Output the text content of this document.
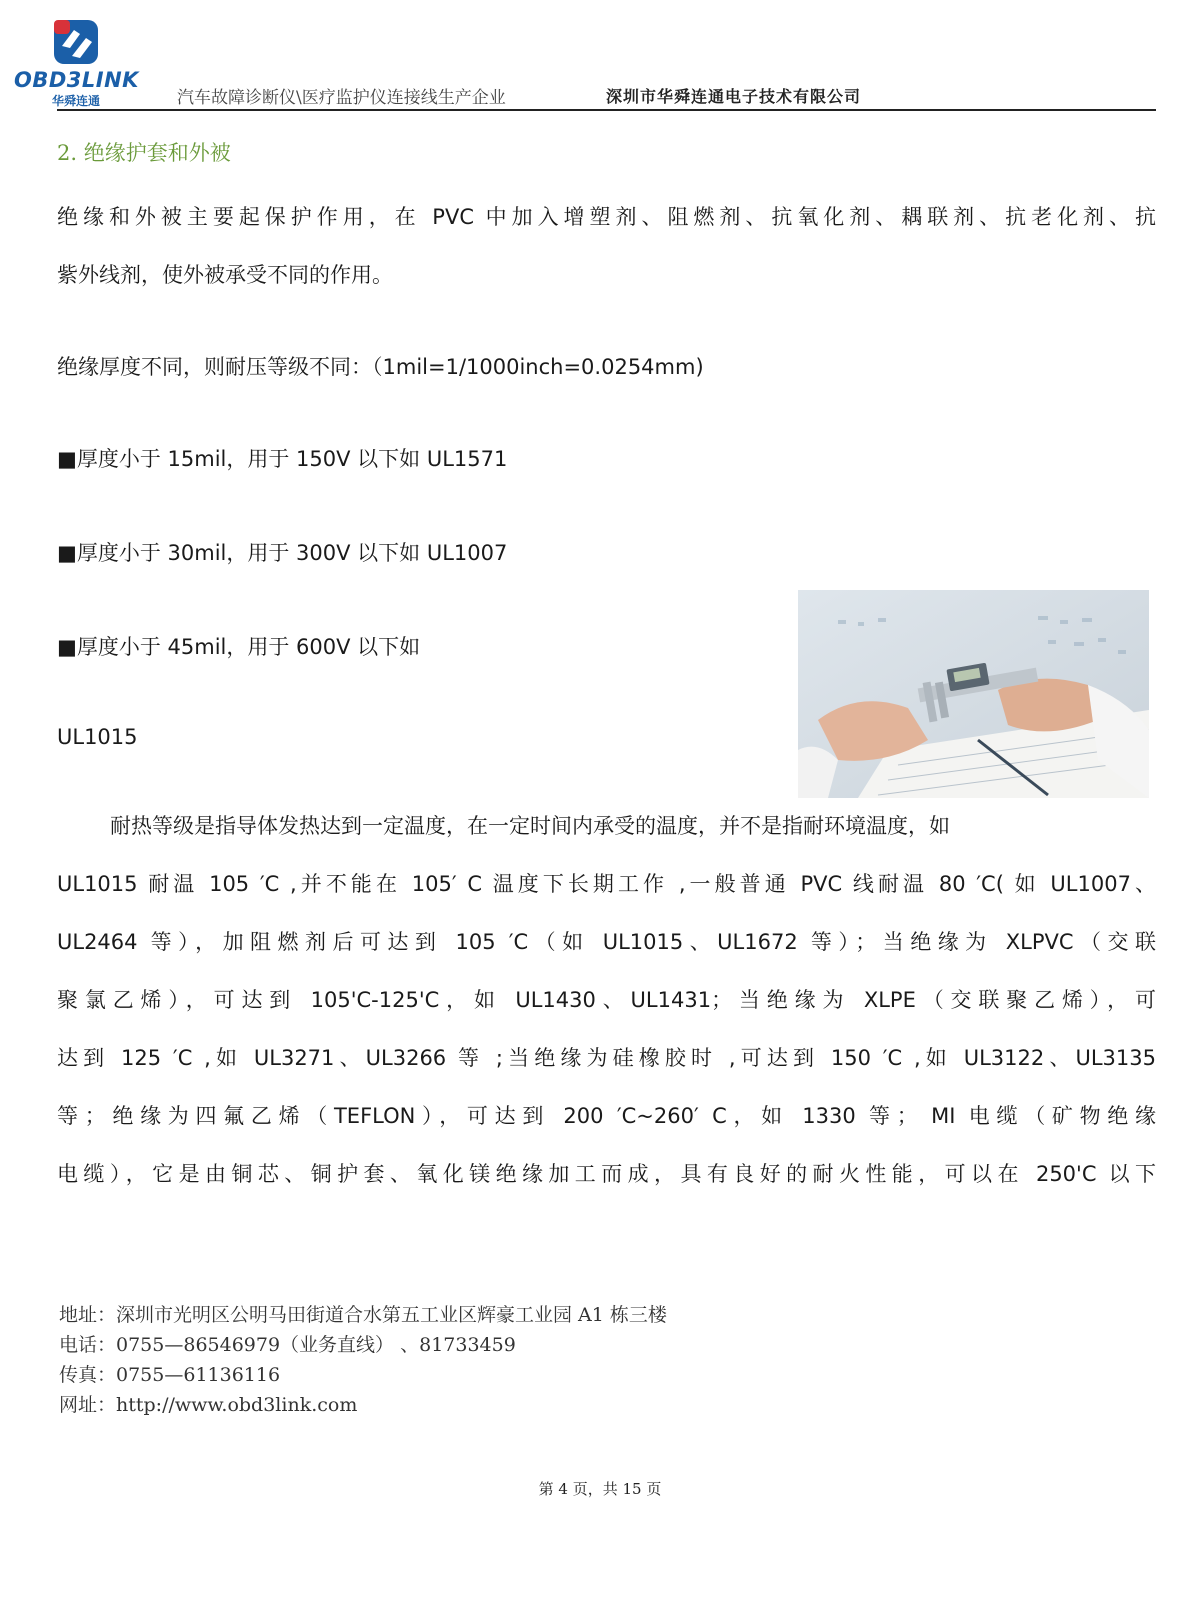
OBD3LINK
华舜连通	汽车故障诊断仪\医疗监护仪连接线生产企业	深圳市华舜连通电子技术有限公司
2. 绝缘护套和外被
绝缘和外被主要起保护作用，在 PVC 中加入增塑剂、阻燃剂、抗氧化剂、耦联剂、抗老化剂、抗
紫外线剂，使外被承受不同的作用。
绝缘厚度不同，则耐压等级不同：（1mil=1/1000inch=0.0254mm)
■厚度小于 15mil，用于 150V 以下如 UL1571
■厚度小于 30mil，用于 300V 以下如 UL1007
■厚度小于 45mil，用于 600V 以下如
UL1015
耐热等级是指导体发热达到一定温度，在一定时间内承受的温度，并不是指耐环境温度，如
UL1015 耐温 105 ′C ,并不能在 105′ C 温度下长期工作 ,一般普通 PVC 线耐温 80 ′C( 如 UL1007、
UL2464 等），加阻燃剂后可达到 105 ′C（如 UL1015、UL1672 等）；当绝缘为 XLPVC（交联
聚氯乙烯），可达到 105'C-125'C，如 UL1430、UL1431；当绝缘为 XLPE（交联聚乙烯），可
达到 125 ′C ,如 UL3271、UL3266 等 ;当绝缘为硅橡胶时 ,可达到 150 ′C ,如 UL3122、UL3135
等；绝缘为四氟乙烯（TEFLON），可达到 200 ′C~260′ C，如 1330 等； MI 电缆（矿物绝缘
电缆），它是由铜芯、铜护套、氧化镁绝缘加工而成，具有良好的耐火性能，可以在 250'C 以下
地址：深圳市光明区公明马田街道合水第五工业区辉豪工业园 A1 栋三楼
电话：0755—86546979（业务直线） 、81733459
传真：0755—61136116
网址：http://www.obd3link.com
第 4 页，共 15 页
